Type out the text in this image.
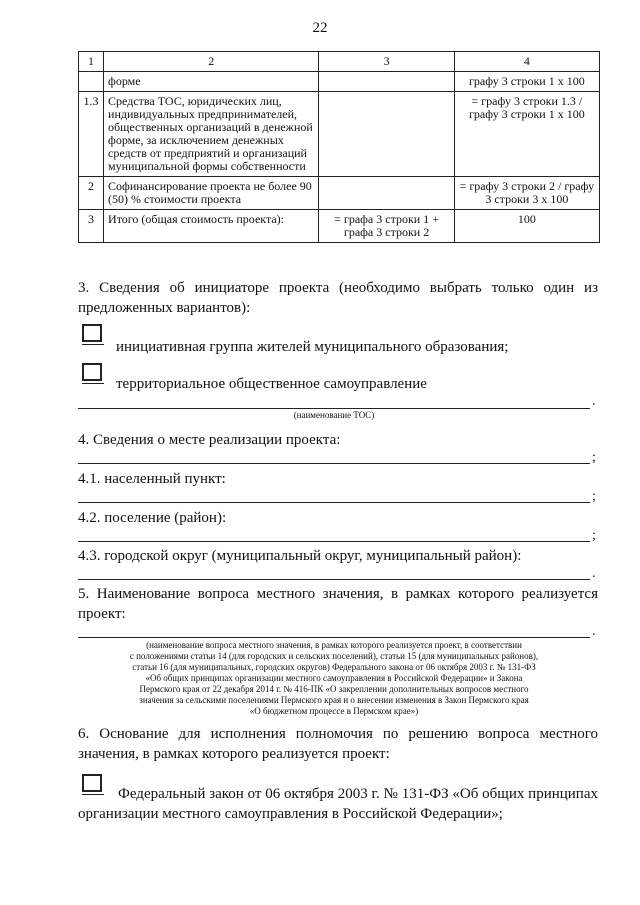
22
1	2	3	4
	форме		графу 3 строки 1 х 100
1.3	Средства ТОС, юридических лиц, индивидуальных предпринимателей, общественных организаций в денежной форме, за исключением денежных средств от предприятий и организаций муниципальной формы собственности		= графу 3 строки 1.3 / графу 3 строки 1 х 100
2	Софинансирование проекта не более 90 (50) % стоимости проекта		= графу 3 строки 2 / графу 3 строки 3 х 100
3	Итого (общая стоимость проекта):	= графа 3 строки 1 + графа 3 строки 2	100
3. Сведения об инициаторе проекта (необходимо выбрать только один из предложенных вариантов):
инициативная группа жителей муниципального образования;
территориальное общественное самоуправление
.
(наименование ТОС)
4. Сведения о месте реализации проекта:
;
4.1. населенный пункт:
;
4.2. поселение (район):
;
4.3. городской округ (муниципальный округ, муниципальный район):
.
5. Наименование вопроса местного значения, в рамках которого реализуется проект:
.
(наименование вопроса местного значения, в рамках которого реализуется проект, в соответствии
с положениями статьи 14 (для городских и сельских поселений), статьи 15 (для муниципальных районов),
статьи 16 (для муниципальных, городских округов) Федерального закона от 06 октября 2003 г. № 131-ФЗ
«Об общих принципах организации местного самоуправления в Российской Федерации» и Закона
Пермского края от 22 декабря 2014 г. № 416-ПК «О закреплении дополнительных вопросов местного
значения за сельскими поселениями Пермского края и о внесении изменения в Закон Пермского края
«О бюджетном процессе в Пермском крае»)
6. Основание для исполнения полномочия по решению вопроса местного значения, в рамках которого реализуется проект:
Федеральный закон от 06 октября 2003 г. № 131-ФЗ «Об общих принципах организации местного самоуправления в Российской Федерации»;
